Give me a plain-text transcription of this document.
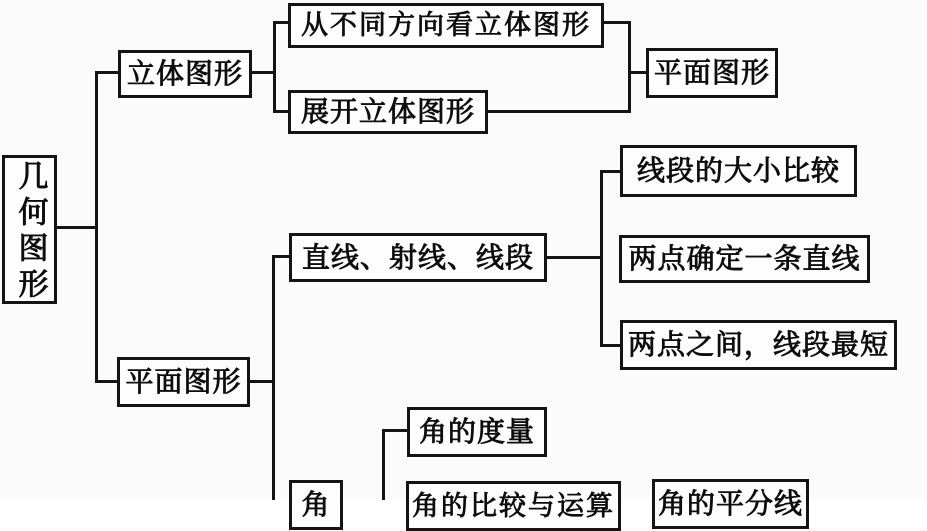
几何图形
立体图形
从不同方向看立体图形
展开立体图形
平面图形
平面图形
直线、射线、线段
线段的大小比较
两点确定一条直线
两点之间，线段最短
角的度量
角	角的比较与运算 角的平分线
